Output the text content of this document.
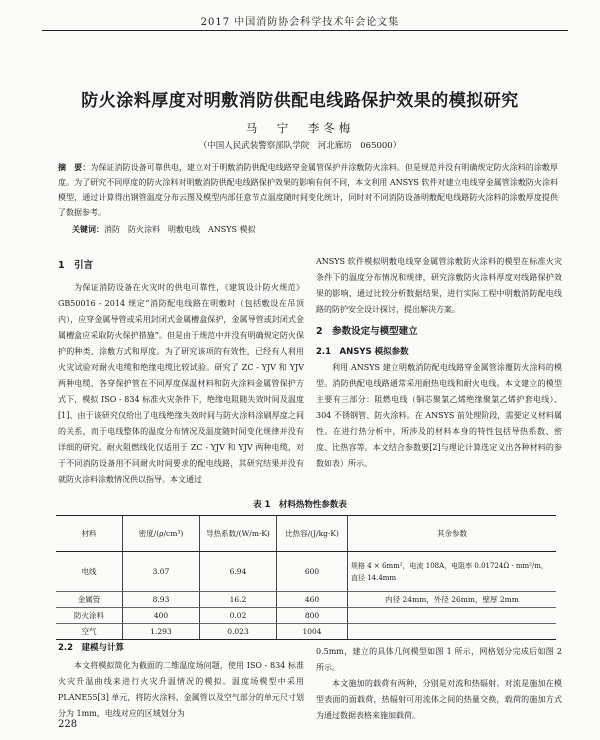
2017 中国消防协会科学技术年会论文集
防火涂料厚度对明敷消防供配电线路保护效果的模拟研究
马　宁　李冬梅
（中国人民武装警察部队学院　河北廊坊　065000）
摘　要：为保证消防设备可靠供电，建立对于明敷消防供配电线路穿金属管保护并涂敷防火涂料。但是规范并没有明确规定防火涂料的涂敷厚度。为了研究不同厚度的防火涂料对明敷消防供配电线路保护效果的影响有何不同，本文利用 ANSYS 软件对建立电线穿金属管涂敷防火涂料模型，通过计算得出钢管温度分布云图及模型内部任意节点温度随时间变化统计，同时对不同消防设备明敷配电线路防火涂料的涂敷厚度提供了数据参考。
关键词：消防　防火涂料　明敷电线　ANSYS 模拟
1　引言

为保证消防设备在火灾时的供电可靠性，《建筑设计防火规范》GB50016 - 2014 规定“消防配电线路在明敷时（包括敷设在吊顶内），应穿金属导管或采用封闭式金属槽盒保护，金属导管或封闭式金属槽盒应采取防火保护措施”。但是由于规范中并没有明确规定防火保护的种类、涂敷方式和厚度。为了研究该项的有效性，已经有人利用火灾试验对耐火电缆和绝缘电缆比较试验。研究了 ZC - YJV 和 YJV 两种电缆，各穿保护管在不同厚度保温材料和防火涂料金属管保护方式下，模拟 ISO - 834 标准火灾条件下，绝缘电阻随失效时间及温度[1]、由于该研究仅给出了电线绝缘失效时间与防火涂料涂刷厚度之间的关系，而于电线整体的温度分布情况及温度随时间变化规律并没有详细的研究。耐火阻燃线化仅适用于 ZC - YJV 和 YJV 两种电缆，对于不同消防设备用不同耐火时间要求的配电线路，其研究结果并没有就防火涂料涂敷情况供以指导。本文通过

ANSYS 软件模拟明敷电线穿金属管涂敷防火涂料的模型在标准火灾条件下的温度分布情况和规律，研究涂敷防火涂料厚度对线路保护效果的影响，通过比较分析数据结果，进行实际工程中明敷消防配电线路的防护安全设计探讨，提出解决方案。

2　参数设定与模型建立
2.1　ANSYS 模拟参数

利用 ANSYS 建立明敷消防配电线路穿金属管涂覆防火涂料的模型。消防供配电线路通常采用耐热电线和耐火电线。本文建立的模型主要有三部分：阻燃电线（铜芯聚氯乙烯绝缘聚氯乙烯护套电线）、304 不锈钢管、防火涂料。在 ANSYS 前处理阶段，需要定义材料属性。在进行热分析中，所涉及的材料本身的特性包括导热系数、密度、比热容等。本文结合参数要[2]与理论计算选定义出各种材料的参数如表）所示。

表 1　材料热物性参数表
材料	密度/(ρ/cm³)	导热系数/(W/m·K)	比热容/(J/kg·K)	其余参数
电线	3.07	6.94	600	规格 4 × 6mm²，电流 108A，电阻率 0.01724Ω · mm²/m，直径 14.4mm
金属管	8.93	16.2	460	内径 24mm，外径 26mm，壁厚 2mm
防火涂料	400	0.02	800	
空气	1.293	0.023	1004	
2.2　建模与计算

本文将模拟简化为截面的二维温度场问题，使用 ISO - 834 标准火灾升温曲线来进行火灾升温情况的模拟。温度场模型中采用 PLANE55[3] 单元，将防火涂料、金属管以及空气部分的单元尺寸划分为 1mm，电线对应的区域划分为

0.5mm，建立的具体几何模型如图 1 所示，网格划分完成后如图 2 所示。

本文施加的载荷有两种，分别是对流和热辐射。对流是施加在模型表面的面载荷，热辐射可用流体之间的热量交换，载荷的施加方式为通过数据表格来施加载荷。

228
